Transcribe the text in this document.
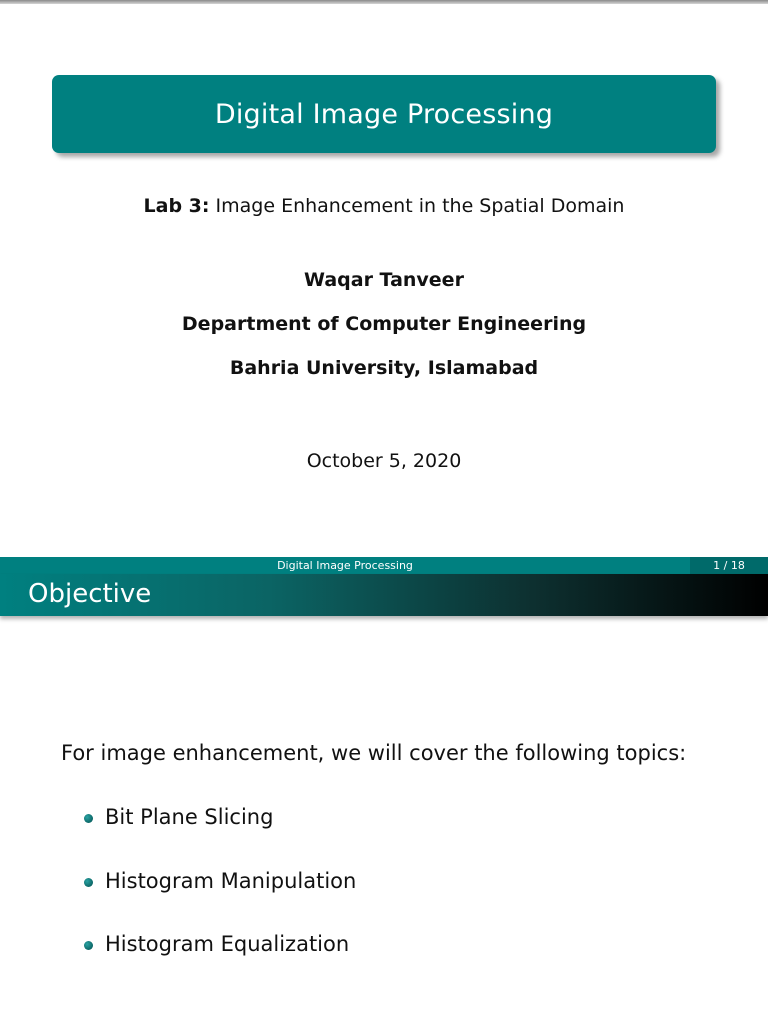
Digital Image Processing
Lab 3: Image Enhancement in the Spatial Domain
Waqar Tanveer
Department of Computer Engineering
Bahria University, Islamabad
October 5, 2020
Digital Image Processing	1 / 18
Objective
For image enhancement, we will cover the following topics:
Bit Plane Slicing
Histogram Manipulation
Histogram Equalization
